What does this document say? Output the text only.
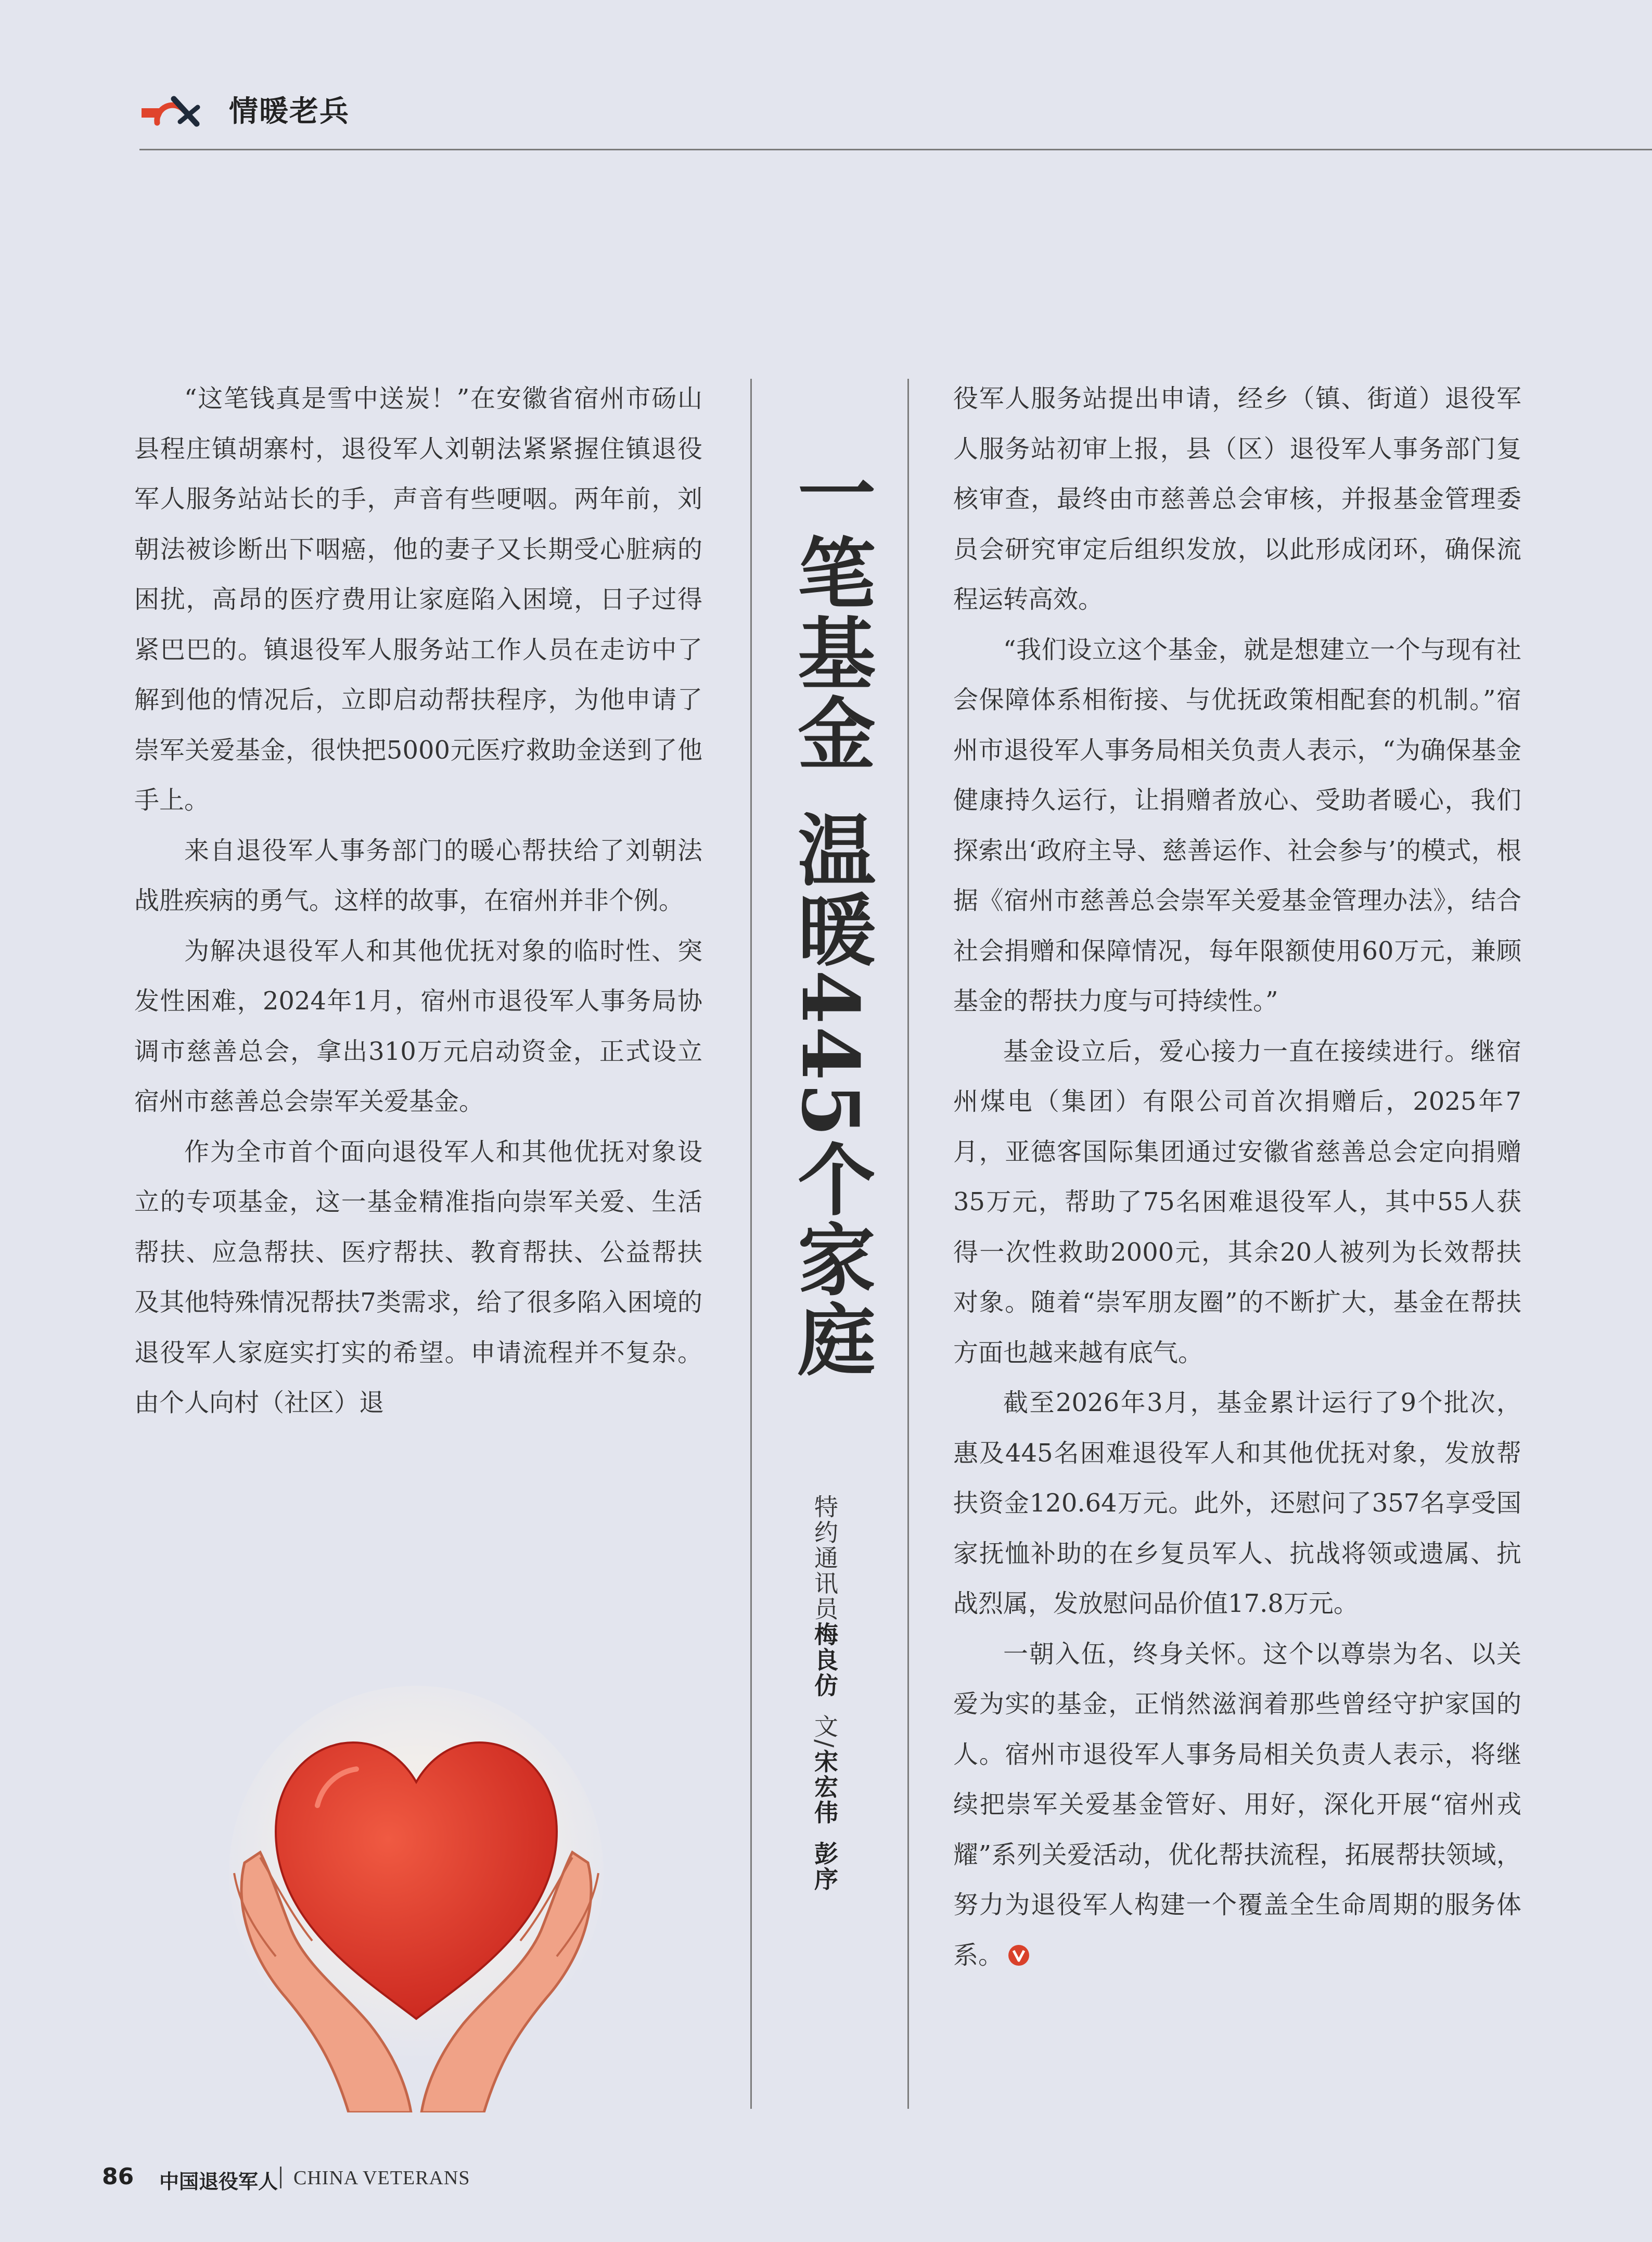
情暖老兵

“这笔钱真是雪中送炭！”在安徽省宿州市砀山县程庄镇胡寨村，退役军人刘朝法紧紧握住镇退役军人服务站站长的手，声音有些哽咽。两年前，刘朝法被诊断出下咽癌，他的妻子又长期受心脏病的困扰，高昂的医疗费用让家庭陷入困境，日子过得紧巴巴的。镇退役军人服务站工作人员在走访中了解到他的情况后，立即启动帮扶程序，为他申请了崇军关爱基金，很快把5000元医疗救助金送到了他手上。

来自退役军人事务部门的暖心帮扶给了刘朝法战胜疾病的勇气。这样的故事，在宿州并非个例。

为解决退役军人和其他优抚对象的临时性、突发性困难，2024年1月，宿州市退役军人事务局协调市慈善总会，拿出310万元启动资金，正式设立宿州市慈善总会崇军关爱基金。

作为全市首个面向退役军人和其他优抚对象设立的专项基金，这一基金精准指向崇军关爱、生活帮扶、应急帮扶、医疗帮扶、教育帮扶、公益帮扶及其他特殊情况帮扶7类需求，给了很多陷入困境的退役军人家庭实打实的希望。申请流程并不复杂。由个人向村（社区）退

一笔基金温暖445个家庭
特约通讯员梅良仿文/宋宏伟彭序

役军人服务站提出申请，经乡（镇、街道）退役军人服务站初审上报，县（区）退役军人事务部门复核审查，最终由市慈善总会审核，并报基金管理委员会研究审定后组织发放，以此形成闭环，确保流程运转高效。

“我们设立这个基金，就是想建立一个与现有社会保障体系相衔接、与优抚政策相配套的机制。”宿州市退役军人事务局相关负责人表示，“为确保基金健康持久运行，让捐赠者放心、受助者暖心，我们探索出‘政府主导、慈善运作、社会参与’的模式，根据《宿州市慈善总会崇军关爱基金管理办法》，结合社会捐赠和保障情况，每年限额使用60万元，兼顾基金的帮扶力度与可持续性。”

基金设立后，爱心接力一直在接续进行。继宿州煤电（集团）有限公司首次捐赠后，2025年7月，亚德客国际集团通过安徽省慈善总会定向捐赠35万元，帮助了75名困难退役军人，其中55人获得一次性救助2000元，其余20人被列为长效帮扶对象。随着“崇军朋友圈”的不断扩大，基金在帮扶方面也越来越有底气。

截至2026年3月，基金累计运行了9个批次，惠及445名困难退役军人和其他优抚对象，发放帮扶资金120.64万元。此外，还慰问了357名享受国家抚恤补助的在乡复员军人、抗战将领或遗属、抗战烈属，发放慰问品价值17.8万元。

一朝入伍，终身关怀。这个以尊崇为名、以关爱为实的基金，正悄然滋润着那些曾经守护家国的人。宿州市退役军人事务局相关负责人表示，将继续把崇军关爱基金管好、用好，深化开展“宿州戎耀”系列关爱活动，优化帮扶流程，拓展帮扶领域，努力为退役军人构建一个覆盖全生命周期的服务体系。

86 中国退役军人 CHINA VETERANS
